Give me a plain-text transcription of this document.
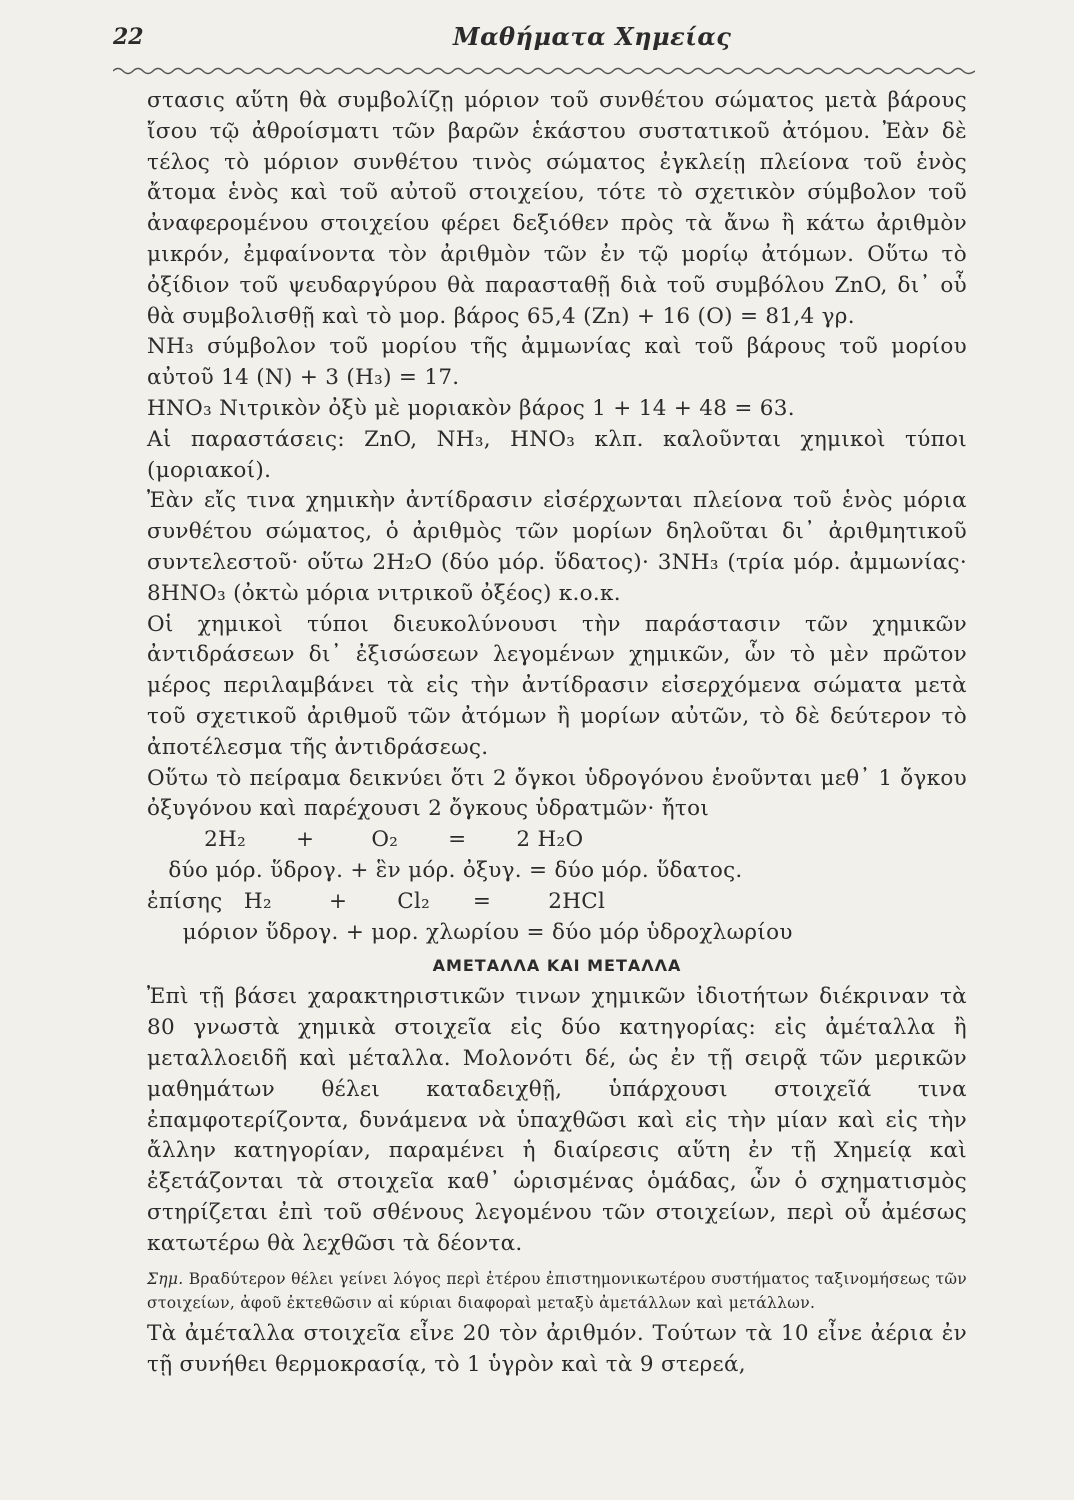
22	Μαθήματα Χημείας

στασις αὕτη θὰ συμβολίζῃ μόριον τοῦ συνθέτου σώματος μετὰ βάρους ἴσου τῷ ἀθροίσματι τῶν βαρῶν ἑκάστου συστατικοῦ ἀτόμου. Ἐὰν δὲ τέλος τὸ μόριον συνθέτου τινὸς σώματος ἐγκλείῃ πλείονα τοῦ ἑνὸς ἄτομα ἑνὸς καὶ τοῦ αὐτοῦ στοιχείου, τότε τὸ σχετικὸν σύμβολον τοῦ ἀναφερομένου στοιχείου φέρει δεξιόθεν πρὸς τὰ ἄνω ἢ κάτω ἀριθμὸν μικρόν, ἐμφαίνοντα τὸν ἀριθμὸν τῶν ἐν τῷ μορίῳ ἀτόμων. Οὕτω τὸ ὀξίδιον τοῦ ψευδαργύρου θὰ παρασταθῇ διὰ τοῦ συμβόλου ZnO, δι᾽ οὗ θὰ συμβολισθῇ καὶ τὸ μορ. βάρος 65,4 (Zn) + 16 (O) = 81,4 γρ.

NH₃ σύμβολον τοῦ μορίου τῆς ἀμμωνίας καὶ τοῦ βάρους τοῦ μορίου αὐτοῦ 14 (N) + 3 (H₃) = 17.

HNO₃ Νιτρικὸν ὀξὺ μὲ μοριακὸν βάρος 1 + 14 + 48 = 63.

Αἱ παραστάσεις: ZnO, NH₃, HNO₃ κλπ. καλοῦνται χημικοὶ τύποι (μοριακοί).

Ἐὰν εἴς τινα χημικὴν ἀντίδρασιν εἰσέρχωνται πλείονα τοῦ ἑνὸς μόρια συνθέτου σώματος, ὁ ἀριθμὸς τῶν μορίων δηλοῦται δι᾽ ἀριθμητικοῦ συντελεστοῦ· οὕτω 2H₂O (δύο μόρ. ὕδατος)· 3NH₃ (τρία μόρ. ἀμμωνίας· 8HNO₃ (ὀκτὼ μόρια νιτρικοῦ ὀξέος) κ.ο.κ.

Οἱ χημικοὶ τύποι διευκολύνουσι τὴν παράστασιν τῶν χημικῶν ἀντιδράσεων δι᾽ ἐξισώσεων λεγομένων χημικῶν, ὧν τὸ μὲν πρῶτον μέρος περιλαμβάνει τὰ εἰς τὴν ἀντίδρασιν εἰσερχόμενα σώματα μετὰ τοῦ σχετικοῦ ἀριθμοῦ τῶν ἀτόμων ἢ μορίων αὐτῶν, τὸ δὲ δεύτερον τὸ ἀποτέλεσμα τῆς ἀντιδράσεως.

Οὕτω τὸ πείραμα δεικνύει ὅτι 2 ὄγκοι ὑδρογόνου ἑνοῦνται μεθ᾽ 1 ὄγκου ὀξυγόνου καὶ παρέχουσι 2 ὄγκους ὑδρατμῶν· ἤτοι

2H₂       +        O₂       =       2 H₂O

δύο μόρ. ὕδρογ. + ἓν μόρ. ὀξυγ. = δύο μόρ. ὕδατος.

ἐπίσης   H₂        +       Cl₂      =        2HCl

μόριον ὕδρογ. + μορ. χλωρίου = δύο μόρ ὑδροχλωρίου

ΑΜΕΤΑΛΛΑ ΚΑΙ ΜΕΤΑΛΛΑ

Ἐπὶ τῇ βάσει χαρακτηριστικῶν τινων χημικῶν ἰδιοτήτων διέκριναν τὰ 80 γνωστὰ χημικὰ στοιχεῖα εἰς δύο κατηγορίας: εἰς ἀμέταλλα ἢ μεταλλοειδῆ καὶ μέταλλα. Μολονότι δέ, ὡς ἐν τῇ σειρᾷ τῶν μερικῶν μαθημάτων θέλει καταδειχθῇ, ὑπάρχουσι στοιχεῖά τινα ἐπαμφοτερίζοντα, δυνάμενα νὰ ὑπαχθῶσι καὶ εἰς τὴν μίαν καὶ εἰς τὴν ἄλλην κατηγορίαν, παραμένει ἡ διαίρεσις αὕτη ἐν τῇ Χημείᾳ καὶ ἐξετάζονται τὰ στοιχεῖα καθ᾽ ὡρισμένας ὁμάδας, ὧν ὁ σχηματισμὸς στηρίζεται ἐπὶ τοῦ σθένους λεγομένου τῶν στοιχείων, περὶ οὗ ἀμέσως κατωτέρω θὰ λεχθῶσι τὰ δέοντα.

Σημ. Βραδύτερον θέλει γείνει λόγος περὶ ἑτέρου ἐπιστημονικωτέρου συστήματος ταξινομήσεως τῶν στοιχείων, ἀφοῦ ἐκτεθῶσιν αἱ κύριαι διαφοραὶ μεταξὺ ἀμετάλλων καὶ μετάλλων.

Τὰ ἀμέταλλα στοιχεῖα εἶνε 20 τὸν ἀριθμόν. Τούτων τὰ 10 εἶνε ἀέρια ἐν τῇ συνήθει θερμοκρασίᾳ, τὸ 1 ὑγρὸν καὶ τὰ 9 στερεά,
